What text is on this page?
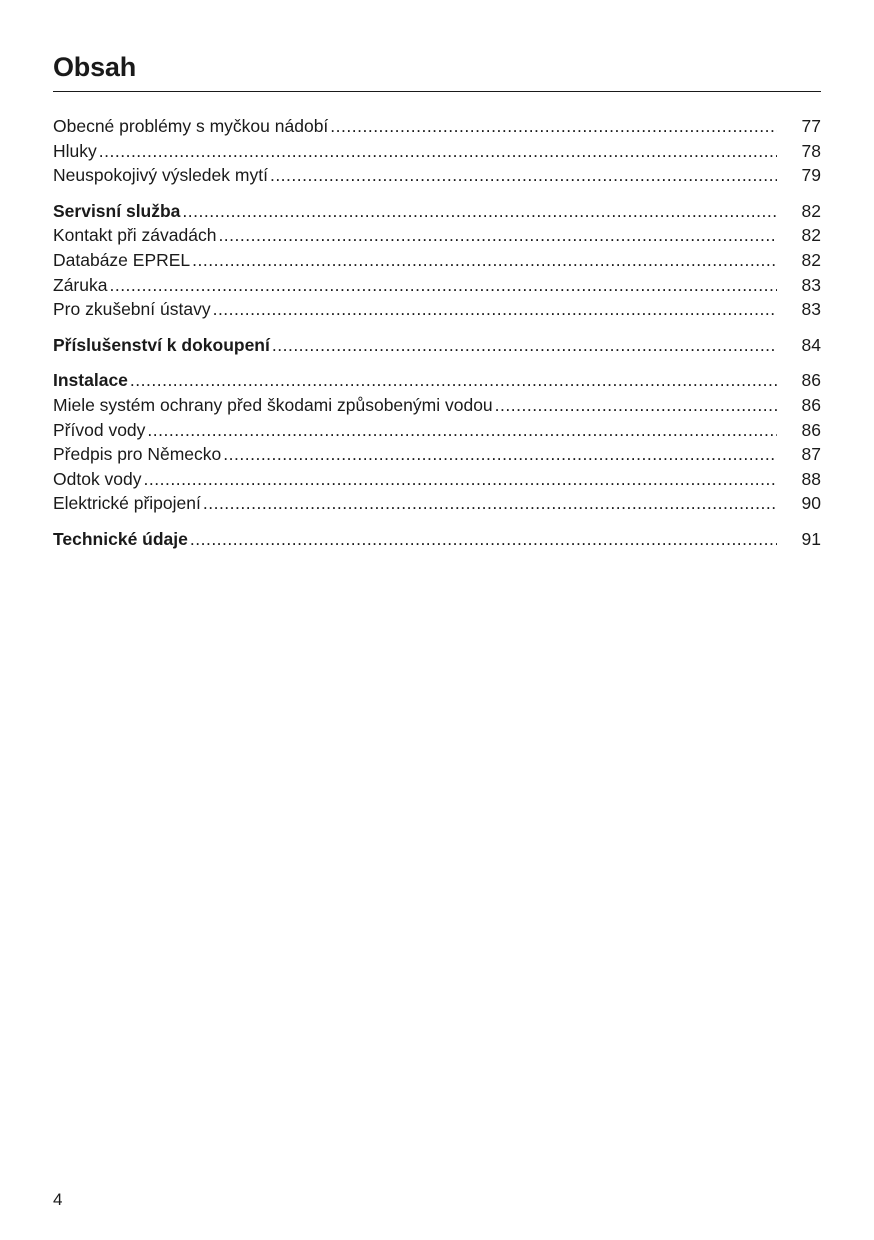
Obsah
Obecné problémy s myčkou nádobí .....	77
Hluky .....	78
Neuspokojivý výsledek mytí .....	79
Servisní služba .....	82
Kontakt při závadách .....	82
Databáze EPREL .....	82
Záruka .....	83
Pro zkušební ústavy .....	83
Příslušenství k dokoupení .....	84
Instalace .....	86
Miele systém ochrany před škodami způsobenými vodou .....	86
Přívod vody .....	86
Předpis pro Německo .....	87
Odtok vody .....	88
Elektrické připojení .....	90
Technické údaje .....	91
4
